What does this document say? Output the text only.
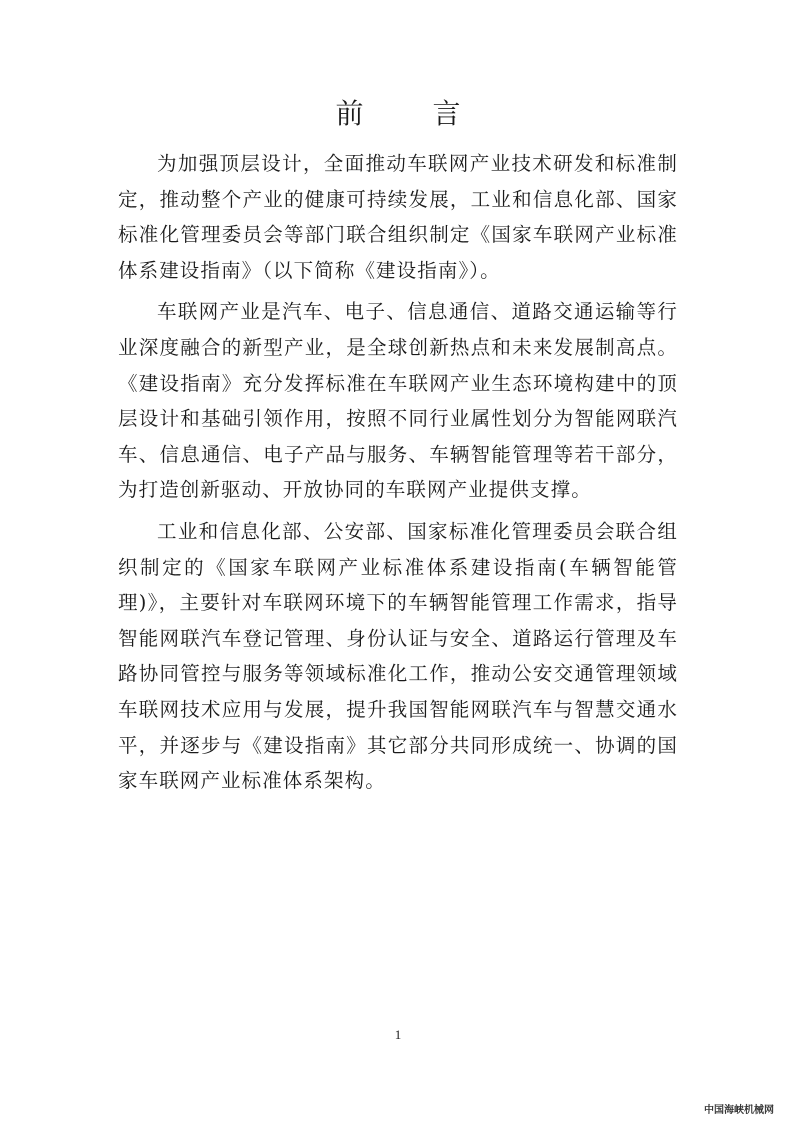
前 言

为加强顶层设计，全面推动车联网产业技术研发和标准制定，推动整个产业的健康可持续发展，工业和信息化部、国家标准化管理委员会等部门联合组织制定《国家车联网产业标准体系建设指南》（以下简称《建设指南》）。

车联网产业是汽车、电子、信息通信、道路交通运输等行业深度融合的新型产业，是全球创新热点和未来发展制高点。《建设指南》充分发挥标准在车联网产业生态环境构建中的顶层设计和基础引领作用，按照不同行业属性划分为智能网联汽车、信息通信、电子产品与服务、车辆智能管理等若干部分，为打造创新驱动、开放协同的车联网产业提供支撑。

工业和信息化部、公安部、国家标准化管理委员会联合组织制定的《国家车联网产业标准体系建设指南(车辆智能管理)》，主要针对车联网环境下的车辆智能管理工作需求，指导智能网联汽车登记管理、身份认证与安全、道路运行管理及车路协同管控与服务等领域标准化工作，推动公安交通管理领域车联网技术应用与发展，提升我国智能网联汽车与智慧交通水平，并逐步与《建设指南》其它部分共同形成统一、协调的国家车联网产业标准体系架构。

1
中国海峡机械网
